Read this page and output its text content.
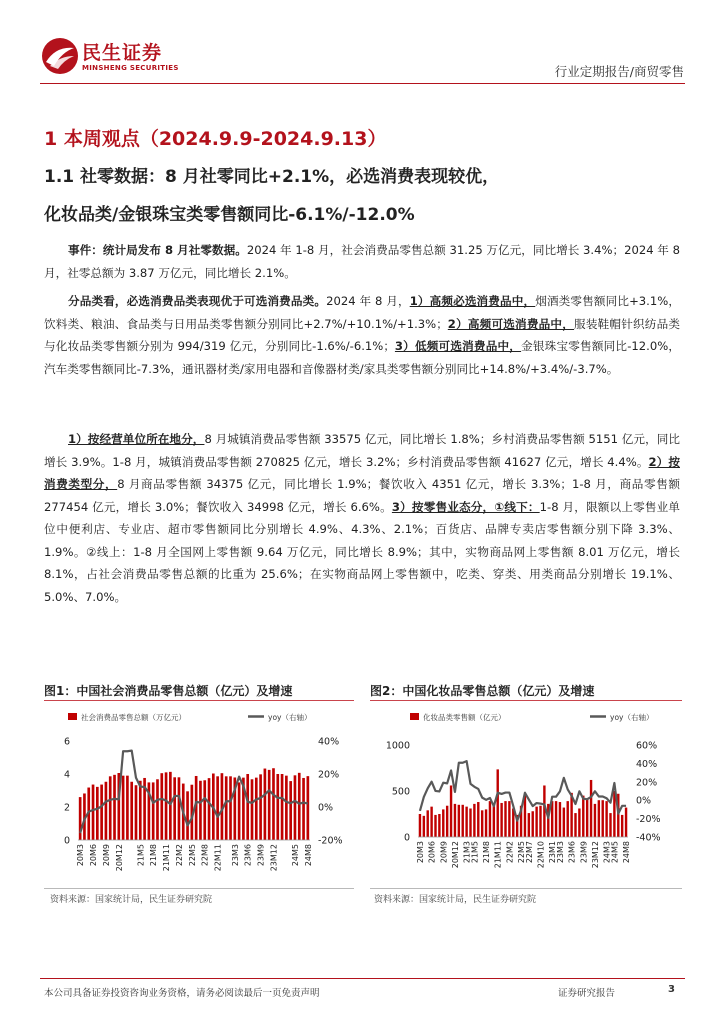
民生证券
MINSHENG SECURITIES	行业定期报告/商贸零售
1 本周观点（2024.9.9-2024.9.13）
1.1 社零数据：8 月社零同比+2.1%，必选消费表现较优，
化妆品类/金银珠宝类零售额同比-6.1%/-12.0%
事件：统计局发布 8 月社零数据。2024 年 1-8 月，社会消费品零售总额 31.25 万亿元，同比增长 3.4%；2024 年 8 月，社零总额为 3.87 万亿元，同比增长 2.1%。
分品类看，必选消费品类表现优于可选消费品类。2024 年 8 月，1）高频必选消费品中，烟酒类零售额同比+3.1%，饮料类、粮油、食品类与日用品类零售额分别同比+2.7%/+10.1%/+1.3%；2）高频可选消费品中，服装鞋帽针织纺品类与化妆品类零售额分别为 994/319 亿元，分别同比-1.6%/-6.1%；3）低频可选消费品中，金银珠宝零售额同比-12.0%，汽车类零售额同比-7.3%，通讯器材类/家用电器和音像器材类/家具类零售额分别同比+14.8%/+3.4%/-3.7%。
1）按经营单位所在地分，8 月城镇消费品零售额 33575 亿元，同比增长 1.8%；乡村消费品零售额 5151 亿元，同比增长 3.9%。1-8 月，城镇消费品零售额 270825 亿元，增长 3.2%；乡村消费品零售额 41627 亿元，增长 4.4%。2）按消费类型分，8 月商品零售额 34375 亿元，同比增长 1.9%；餐饮收入 4351 亿元，增长 3.3%；1-8 月，商品零售额 277454 亿元，增长 3.0%；餐饮收入 34998 亿元，增长 6.6%。3）按零售业态分，①线下：1-8 月，限额以上零售业单位中便利店、专业店、超市零售额同比分别增长 4.9%、4.3%、2.1%；百货店、品牌专卖店零售额分别下降 3.3%、1.9%。②线上：1-8 月全国网上零售额 9.64 万亿元，同比增长 8.9%；其中，实物商品网上零售额 8.01 万亿元，增长 8.1%，占社会消费品零售总额的比重为 25.6%；在实物商品网上零售额中，吃类、穿类、用类商品分别增长 19.1%、5.0%、7.0%。
图1：中国社会消费品零售总额（亿元）及增速
社会消费品零售总额（万亿元）	yoy（右轴）
0
2
4
6
-20%
0%
20%
40%
20M3 20M6 20M9 20M12 21M5 21M8 21M11 22M2 22M5 22M8 22M11 23M3 23M6 23M9 23M12 24M5 24M8
资料来源：国家统计局，民生证券研究院
图2：中国化妆品零售总额（亿元）及增速
化妆品类零售额（亿元）	yoy（右轴）
0
500
1000
-40%
-20%
0%
20%
40%
60%
20M3 20M6 20M9 20M12 21M3
21M5 21M8 21M11 22M2 22M5
22M7 22M10 23M1
23M3 23M6 23M9 23M12 24M3
24M5 24M8
资料来源：国家统计局，民生证券研究院
本公司具备证券投资咨询业务资格，请务必阅读最后一页免责声明	证券研究报告	3
